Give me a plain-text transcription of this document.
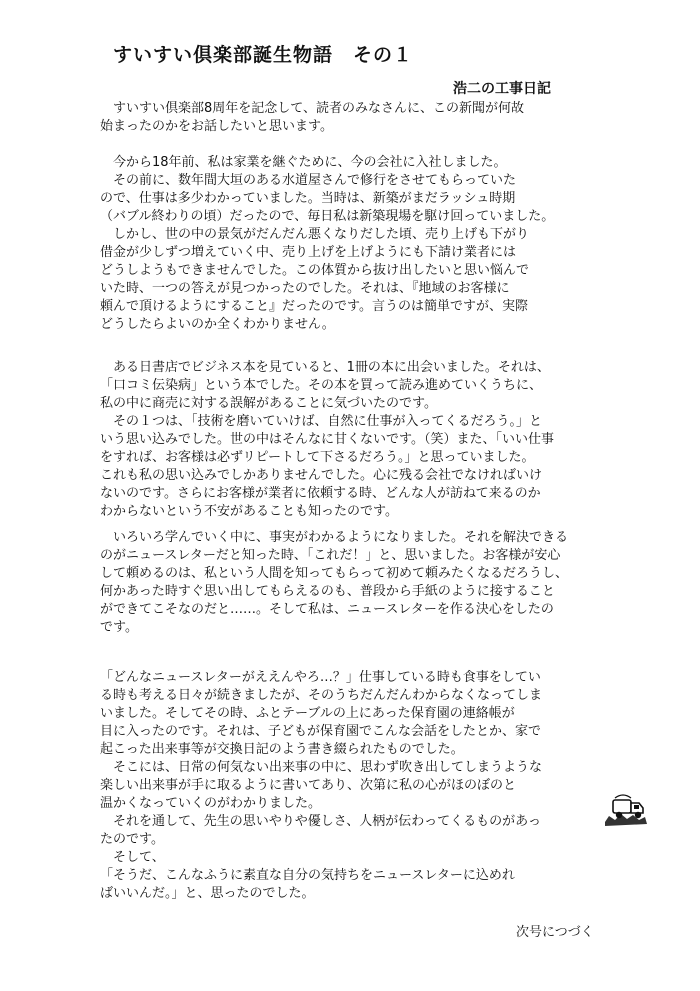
すいすい倶楽部誕生物語　その１
浩二の工事日記
　すいすい倶楽部8周年を記念して、読者のみなさんに、この新聞が何故
始まったのかをお話したいと思います。
　今から18年前、私は家業を継ぐために、今の会社に入社しました。
　その前に、数年間大垣のある水道屋さんで修行をさせてもらっていた
ので、仕事は多少わかっていました。当時は、新築がまだラッシュ時期
（バブル終わりの頃）だったので、毎日私は新築現場を駆け回っていました。
　しかし、世の中の景気がだんだん悪くなりだした頃、売り上げも下がり
借金が少しずつ増えていく中、売り上げを上げようにも下請け業者には
どうしようもできませんでした。この体質から抜け出したいと思い悩んで
いた時、一つの答えが見つかったのでした。それは、『地域のお客様に
頼んで頂けるようにすること』だったのです。言うのは簡単ですが、実際
どうしたらよいのか全くわかりません。
　ある日書店でビジネス本を見ていると、1冊の本に出会いました。それは、
「口コミ伝染病」という本でした。その本を買って読み進めていくうちに、
私の中に商売に対する誤解があることに気づいたのです。
　その１つは、「技術を磨いていけば、自然に仕事が入ってくるだろう。」と
いう思い込みでした。世の中はそんなに甘くないです。（笑）また、「いい仕事
をすれば、お客様は必ずリピートして下さるだろう。」と思っていました。
これも私の思い込みでしかありませんでした。心に残る会社でなければいけ
ないのです。さらにお客様が業者に依頼する時、どんな人が訪ねて来るのか
わからないという不安があることも知ったのです。
　いろいろ学んでいく中に、事実がわかるようになりました。それを解決できる
のがニュースレターだと知った時、「これだ！」と、思いました。お客様が安心
して頼めるのは、私という人間を知ってもらって初めて頼みたくなるだろうし、
何かあった時すぐ思い出してもらえるのも、普段から手紙のように接すること
ができてこそなのだと……。そして私は、ニュースレターを作る決心をしたの
です。
「どんなニュースレターがええんやろ…？」仕事している時も食事をしてい
る時も考える日々が続きましたが、そのうちだんだんわからなくなってしま
いました。そしてその時、ふとテーブルの上にあった保育園の連絡帳が
目に入ったのです。それは、子どもが保育園でこんな会話をしたとか、家で
起こった出来事等が交換日記のよう書き綴られたものでした。
　そこには、日常の何気ない出来事の中に、思わず吹き出してしまうような
楽しい出来事が手に取るように書いてあり、次第に私の心がほのぼのと
温かくなっていくのがわかりました。
　それを通して、先生の思いやりや優しさ、人柄が伝わってくるものがあっ
たのです。
　そして、
「そうだ、こんなふうに素直な自分の気持ちをニュースレターに込めれ
ばいいんだ。」と、思ったのでした。
次号につづく
